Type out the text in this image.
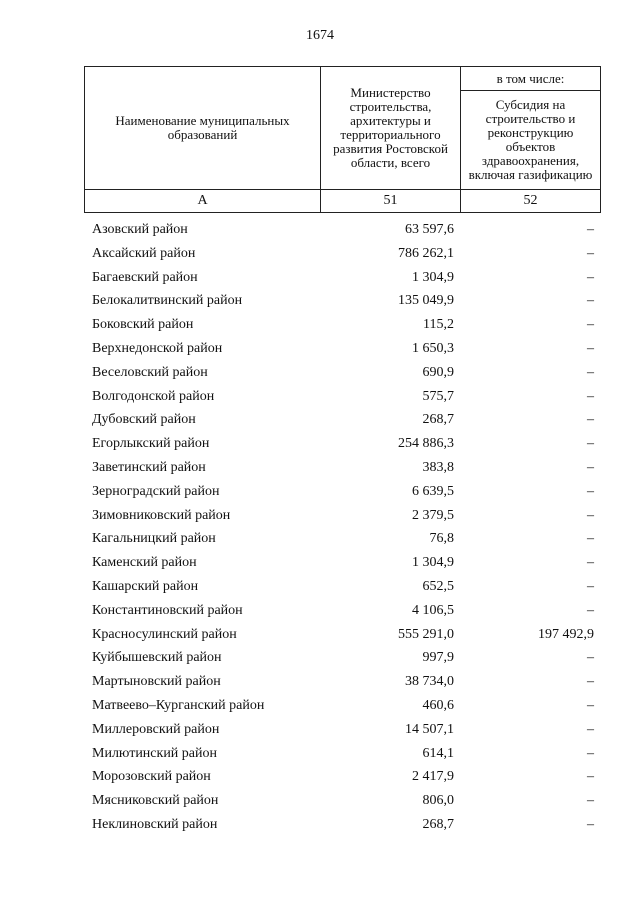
1674
Наименование муниципальных образований	Министерство строительства, архитектуры и территориального развития Ростовской области, всего	в том числе:
		Субсидия на строительство и реконструкцию объектов здравоохранения, включая газификацию
А	51	52
Азовский район	63 597,6	–
Аксайский район	786 262,1	–
Багаевский район	1 304,9	–
Белокалитвинский район	135 049,9	–
Боковский район	115,2	–
Верхнедонской район	1 650,3	–
Веселовский район	690,9	–
Волгодонской район	575,7	–
Дубовский район	268,7	–
Егорлыкский район	254 886,3	–
Заветинский район	383,8	–
Зерноградский район	6 639,5	–
Зимовниковский район	2 379,5	–
Кагальницкий район	76,8	–
Каменский район	1 304,9	–
Кашарский район	652,5	–
Константиновский район	4 106,5	–
Красносулинский район	555 291,0	197 492,9
Куйбышевский район	997,9	–
Мартыновский район	38 734,0	–
Матвеево–Курганский район	460,6	–
Миллеровский район	14 507,1	–
Милютинский район	614,1	–
Морозовский район	2 417,9	–
Мясниковский район	806,0	–
Неклиновский район	268,7	–
